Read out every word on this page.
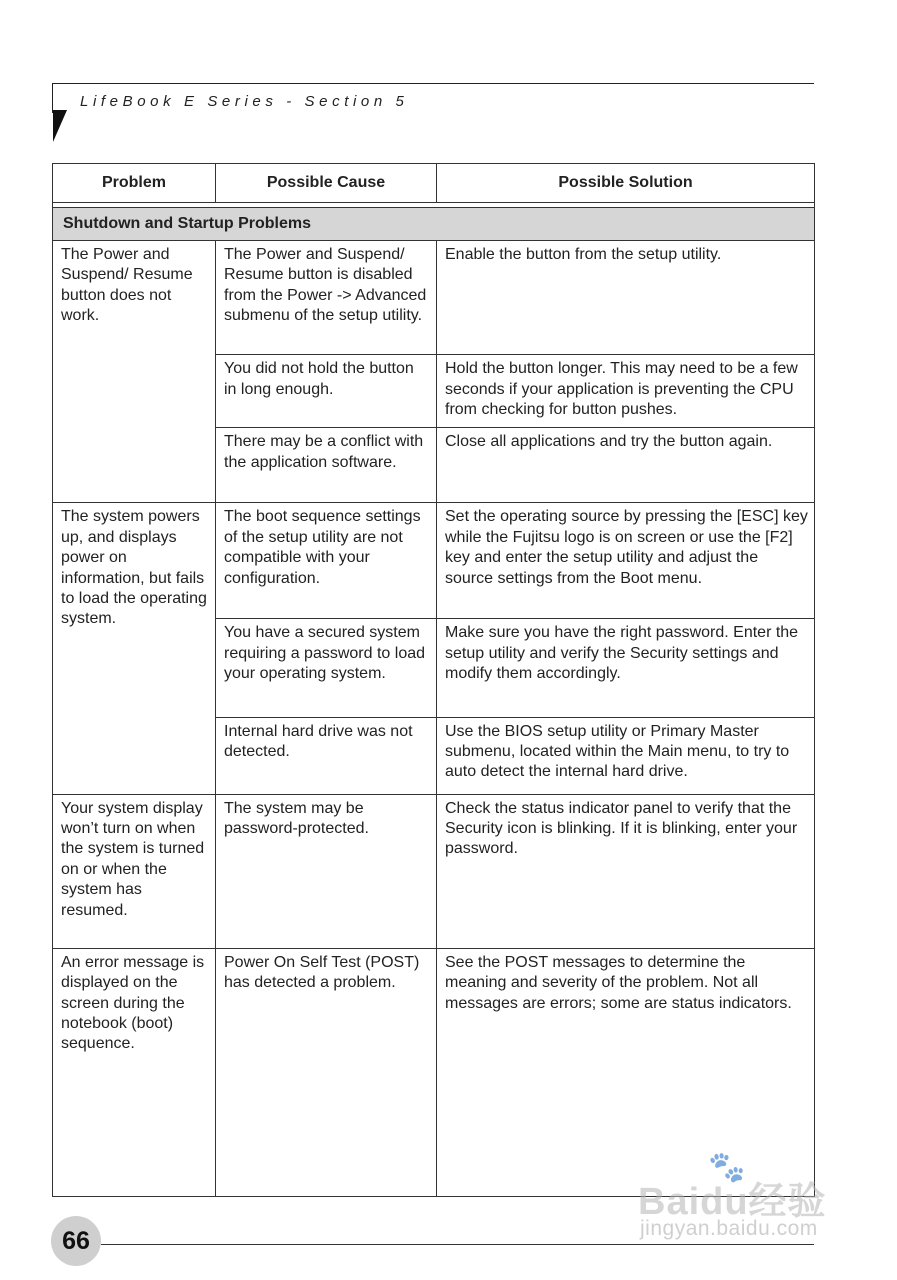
LifeBook E Series - Section 5
Problem	Possible Cause	Possible Solution

Shutdown and Startup Problems		
The Power and Suspend/ Resume button does not work.	The Power and Suspend/ Resume button is disabled from the Power -> Advanced submenu of the setup utility.	Enable the button from the setup utility.
	You did not hold the button in long enough.	Hold the button longer. This may need to be a few seconds if your application is preventing the CPU from checking for button pushes.
	There may be a conflict with the application software.	Close all applications and try the button again.
The system powers up, and displays power on information, but fails to load the operating system.	The boot sequence settings of the setup utility are not compatible with your configuration.	Set the operating source by pressing the [ESC] key while the Fujitsu logo is on screen or use the [F2] key and enter the setup utility and adjust the source settings from the Boot menu.
	You have a secured system requiring a password to load your operating system.	Make sure you have the right password. Enter the setup utility and verify the Security settings and modify them accordingly.
	Internal hard drive was not detected.	Use the BIOS setup utility or Primary Master submenu, located within the Main menu, to try to auto detect the internal hard drive.
Your system display won’t turn on when the system is turned on or when the system has resumed.	The system may be password-protected.	Check the status indicator panel to verify that the Security icon is blinking. If it is blinking, enter your password.
An error message is displayed on the screen during the notebook (boot) sequence.	Power On Self Test (POST) has detected a problem.	See the POST messages to determine the meaning and severity of the problem. Not all messages are errors; some are status indicators.
66
🐾
Baidu经验
jingyan.baidu.com
